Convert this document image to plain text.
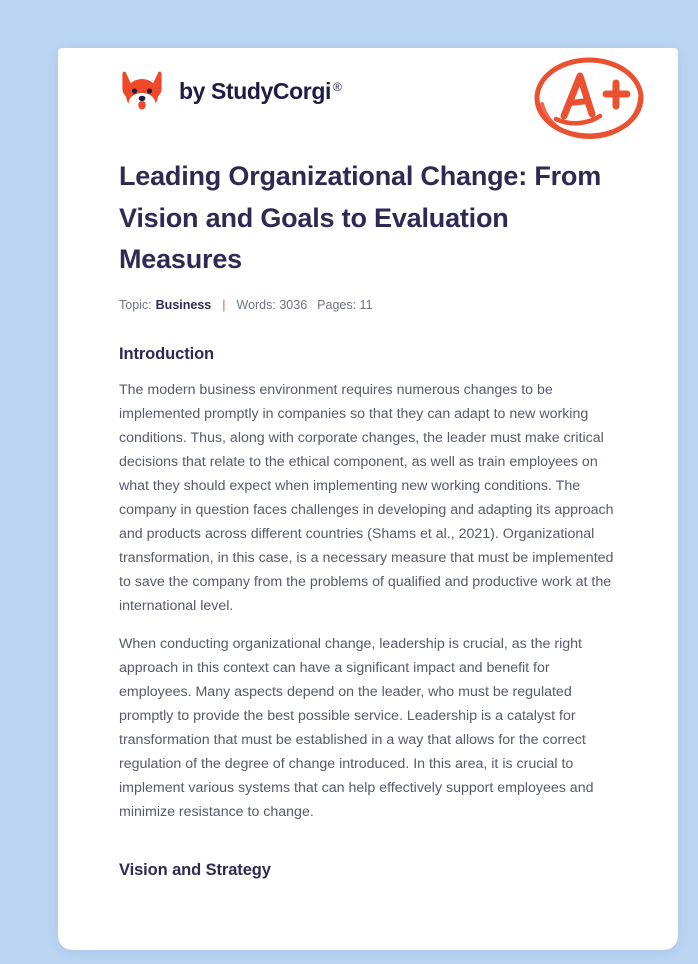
by StudyCorgi ®
Leading Organizational Change: From Vision and Goals to Evaluation Measures
Topic: Business | Words: 3036 Pages: 11
Introduction

The modern business environment requires numerous changes to be implemented promptly in companies so that they can adapt to new working conditions. Thus, along with corporate changes, the leader must make critical decisions that relate to the ethical component, as well as train employees on what they should expect when implementing new working conditions. The company in question faces challenges in developing and adapting its approach and products across different countries (Shams et al., 2021). Organizational transformation, in this case, is a necessary measure that must be implemented to save the company from the problems of qualified and productive work at the international level.

When conducting organizational change, leadership is crucial, as the right approach in this context can have a significant impact and benefit for employees. Many aspects depend on the leader, who must be regulated promptly to provide the best possible service. Leadership is a catalyst for transformation that must be established in a way that allows for the correct regulation of the degree of change introduced. In this area, it is crucial to implement various systems that can help effectively support employees and minimize resistance to change.

Vision and Strategy
